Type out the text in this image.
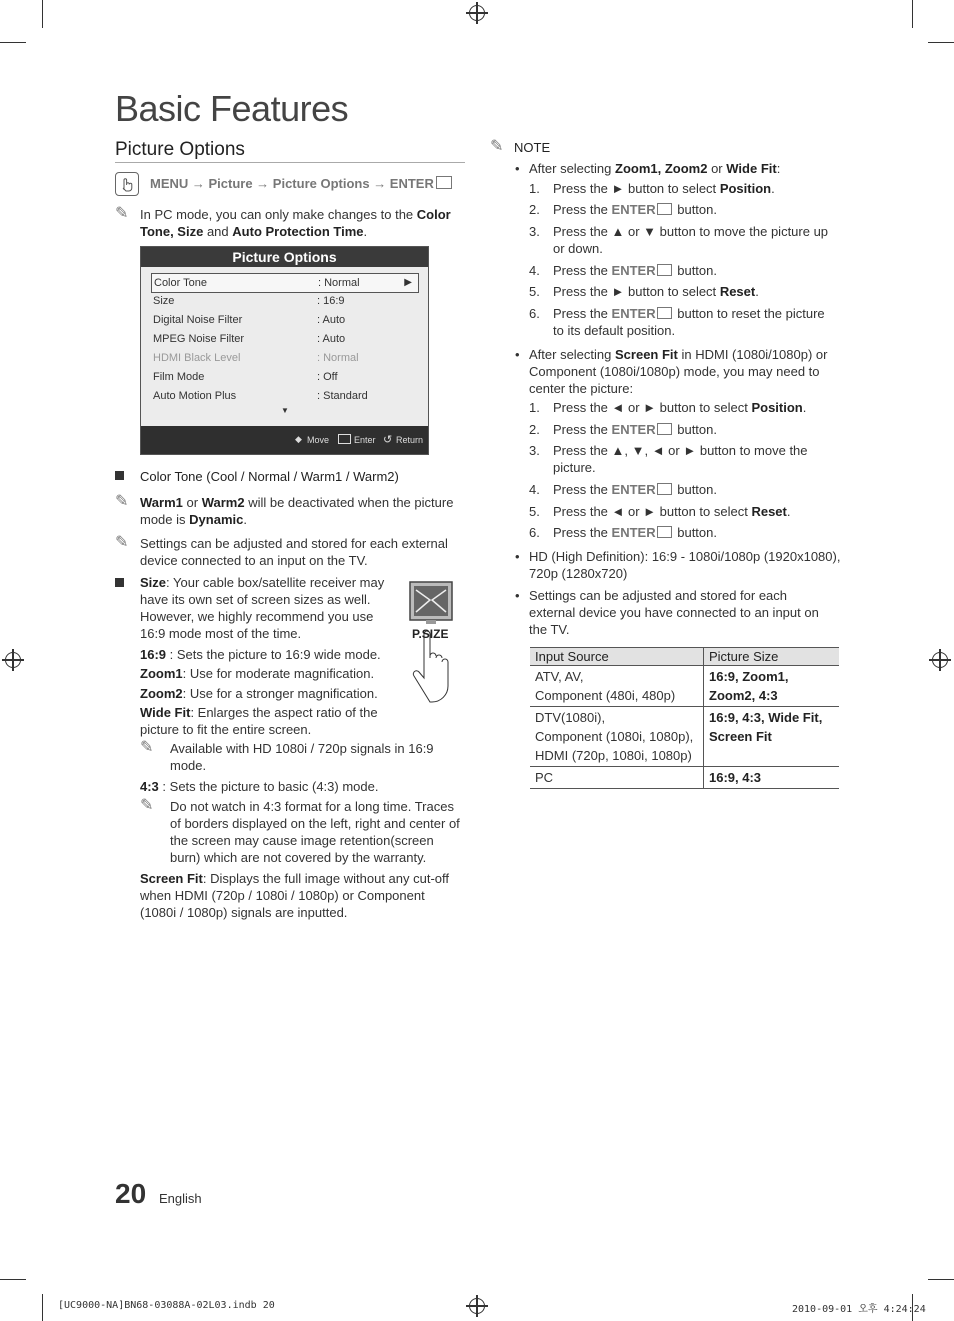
Basic Features
Picture Options
MENU → Picture → Picture Options → ENTER
✎ In PC mode, you can only make changes to the Color Tone, Size and Auto Protection Time.
Picture Options
Color Tone	: Normal	▶
Size	: 16:9
Digital Noise Filter	: Auto
MPEG Noise Filter	: Auto
HDMI Black Level	: Normal
Film Mode	: Off
Auto Motion Plus	: Standard
▼
◆ Move	Enter ↺ Return
Color Tone (Cool / Normal / Warm1 / Warm2)
✎ Warm1 or Warm2 will be deactivated when the picture mode is Dynamic.
✎ Settings can be adjusted and stored for each external device connected to an input on the TV.
Size: Your cable box/satellite receiver may have its own set of screen sizes as well. However, we highly recommend you use 16:9 mode most of the time.	P.SIZE
16:9 : Sets the picture to 16:9 wide mode.
Zoom1: Use for moderate magnification.
Zoom2: Use for a stronger magnification.
Wide Fit: Enlarges the aspect ratio of the picture to fit the entire screen.
✎ Available with HD 1080i / 720p signals in 16:9 mode.
4:3 : Sets the picture to basic (4:3) mode.
✎ Do not watch in 4:3 format for a long time. Traces of borders displayed on the left, right and center of the screen may cause image retention(screen burn) which are not covered by the warranty.
Screen Fit: Displays the full image without any cut-off when HDMI (720p / 1080i / 1080p) or Component (1080i / 1080p) signals are inputted.
✎ NOTE
• After selecting Zoom1, Zoom2 or Wide Fit:
1. Press the ► button to select Position.
2. Press the ENTER button.
3. Press the ▲ or ▼ button to move the picture up or down.
4. Press the ENTER button.
5. Press the ► button to select Reset.
6. Press the ENTER button to reset the picture to its default position.
• After selecting Screen Fit in HDMI (1080i/1080p) or Component (1080i/1080p) mode, you may need to center the picture:
1. Press the ◄ or ► button to select Position.
2. Press the ENTER button.
3. Press the ▲, ▼, ◄ or ► button to move the picture.
4. Press the ENTER button.
5. Press the ◄ or ► button to select Reset.
6. Press the ENTER button.
• HD (High Definition): 16:9 - 1080i/1080p (1920x1080), 720p (1280x720)
• Settings can be adjusted and stored for each external device you have connected to an input on the TV.
Input Source	Picture Size

ATV, AV,
Component (480i, 480p)	16:9, Zoom1, Zoom2, 4:3

DTV(1080i),
Component (1080i, 1080p),
HDMI (720p, 1080i, 1080p)	16:9, 4:3, Wide Fit, Screen Fit

PC	16:9, 4:3
20 English
[UC9000-NA]BN68-03088A-02L03.indb 20	2010-09-01 오후 4:24:24
